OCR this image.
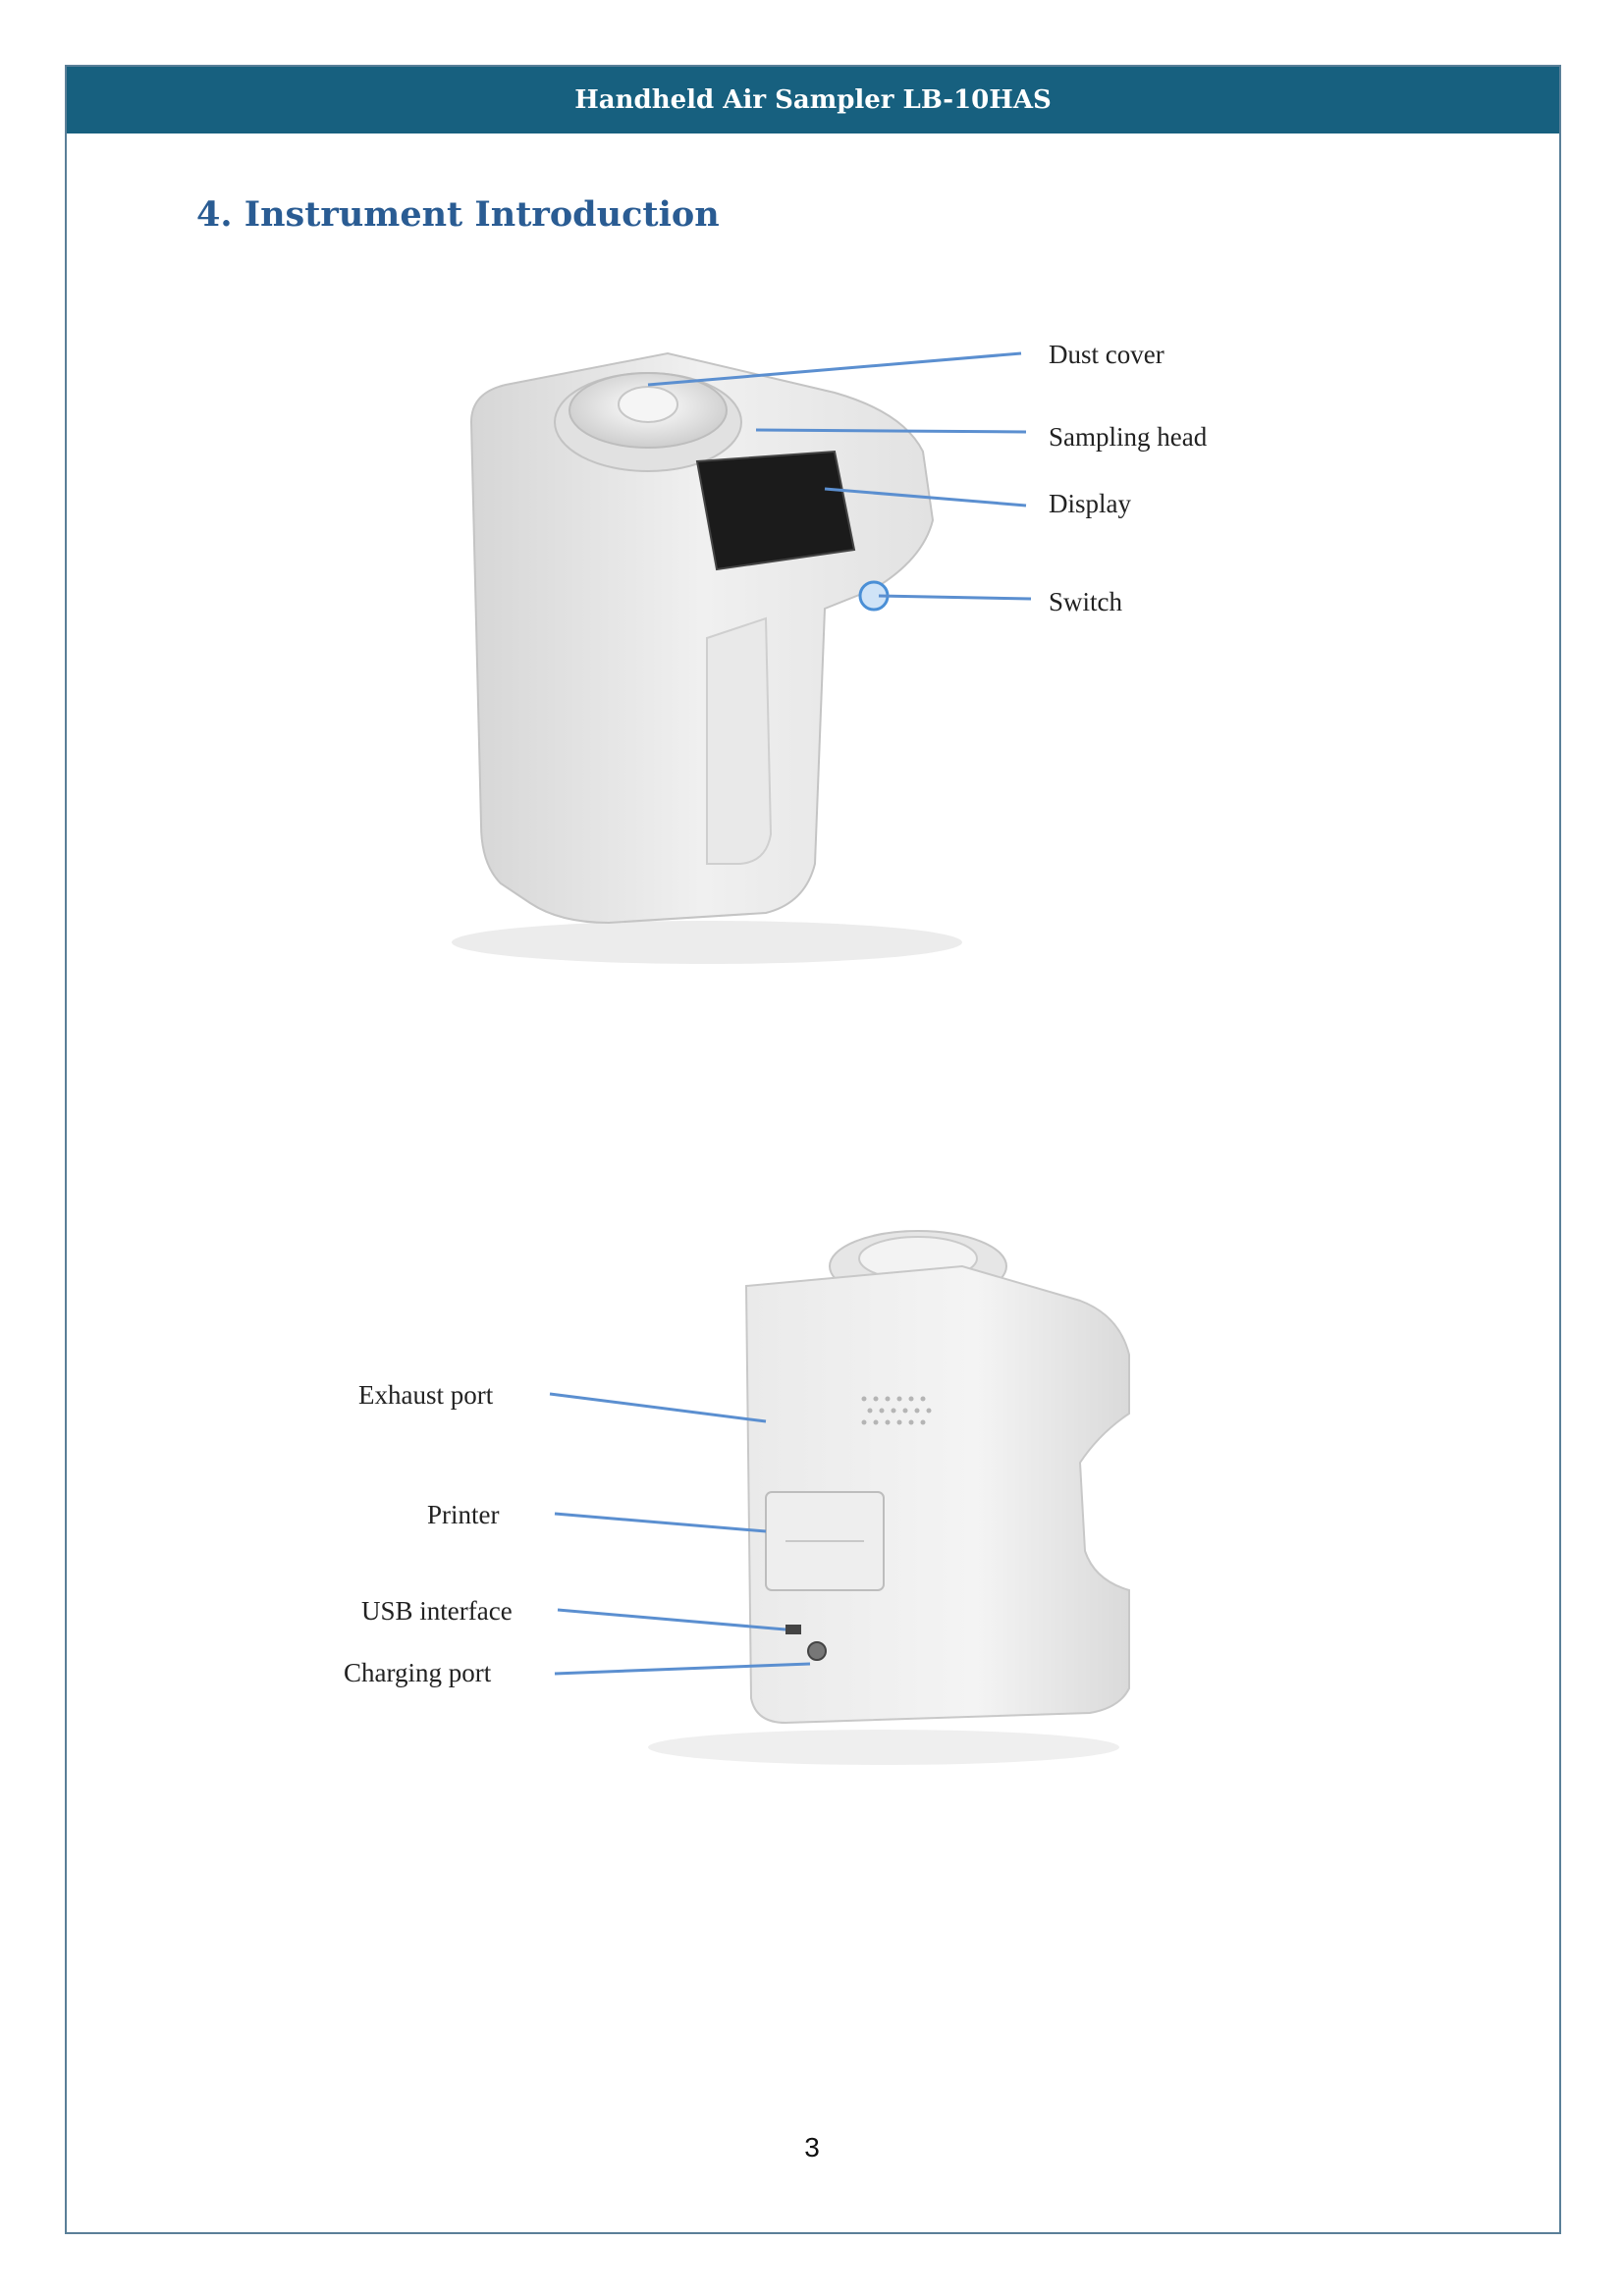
Handheld Air Sampler LB-10HAS
4. Instrument Introduction
Dust cover
Sampling head
Display
Switch
Exhaust port
Printer
USB interface
Charging port
3
